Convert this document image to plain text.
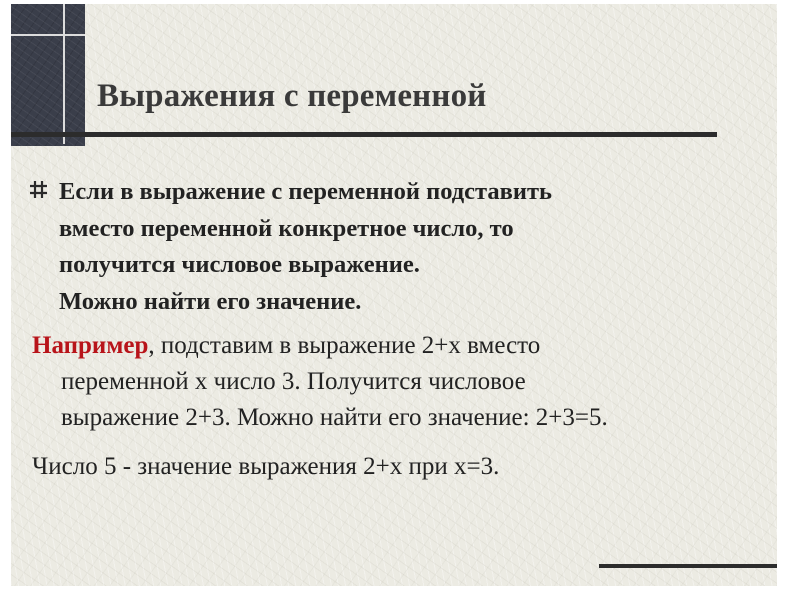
Выражения с переменной

Если в выражение с переменной подставить
вместо переменной конкретное число, то
получится числовое выражение.
Можно найти его значение.

Например, подставим в выражение 2+х вместо
переменной х число 3. Получится числовое
выражение 2+3. Можно найти его значение: 2+3=5.

Число 5 - значение выражения 2+х при х=3.
